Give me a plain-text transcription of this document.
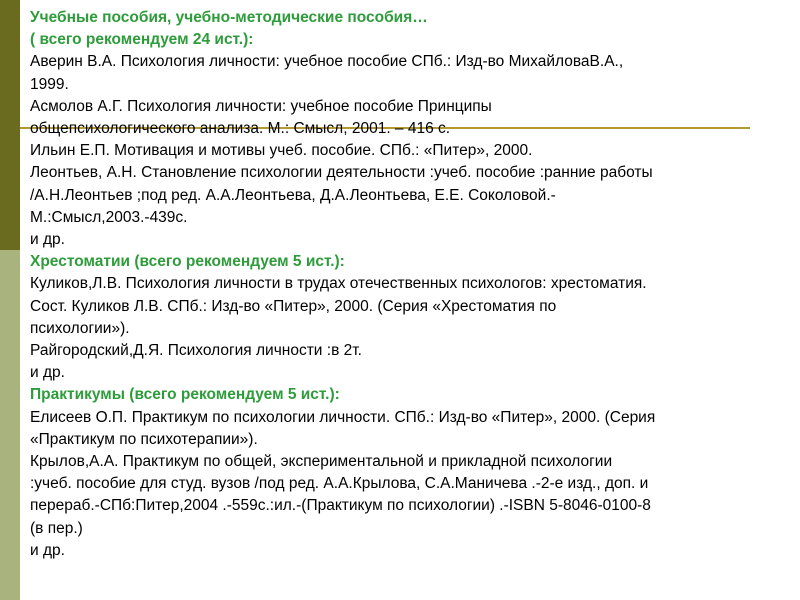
Учебные пособия, учебно-методические пособия…
( всего рекомендуем 24 ист.):
Аверин В.А. Психология личности: учебное пособие СПб.: Изд-во МихайловаВ.А.,
1999.
Асмолов А.Г. Психология личности: учебное пособие Принципы
общепсихологического анализа. М.: Смысл, 2001. – 416 с.
Ильин Е.П. Мотивация и мотивы учеб. пособие. СПб.: «Питер», 2000.
Леонтьев, А.Н. Становление психологии деятельности :учеб. пособие :ранние работы
/А.Н.Леонтьев ;под ред. А.А.Леонтьева, Д.А.Леонтьева, Е.Е. Соколовой.-
М.:Смысл,2003.-439с.
и др.
Хрестоматии (всего рекомендуем 5 ист.):
Куликов,Л.В. Психология личности в трудах отечественных психологов: хрестоматия.
Сост. Куликов Л.В. СПб.: Изд-во «Питер», 2000. (Серия «Хрестоматия по
психологии»).
Райгородский,Д.Я. Психология личности :в 2т.
и др.
Практикумы (всего рекомендуем 5 ист.):
Елисеев О.П. Практикум по психологии личности. СПб.: Изд-во «Питер», 2000. (Серия
«Практикум по психотерапии»).
Крылов,А.А. Практикум по общей, экспериментальной и прикладной психологии
:учеб. пособие для студ. вузов /под ред. А.А.Крылова, С.А.Маничева .-2-е изд., доп. и
перераб.-СПб:Питер,2004 .-559с.:ил.-(Практикум по психологии) .-ISBN 5-8046-0100-8
(в пер.)
и др.
